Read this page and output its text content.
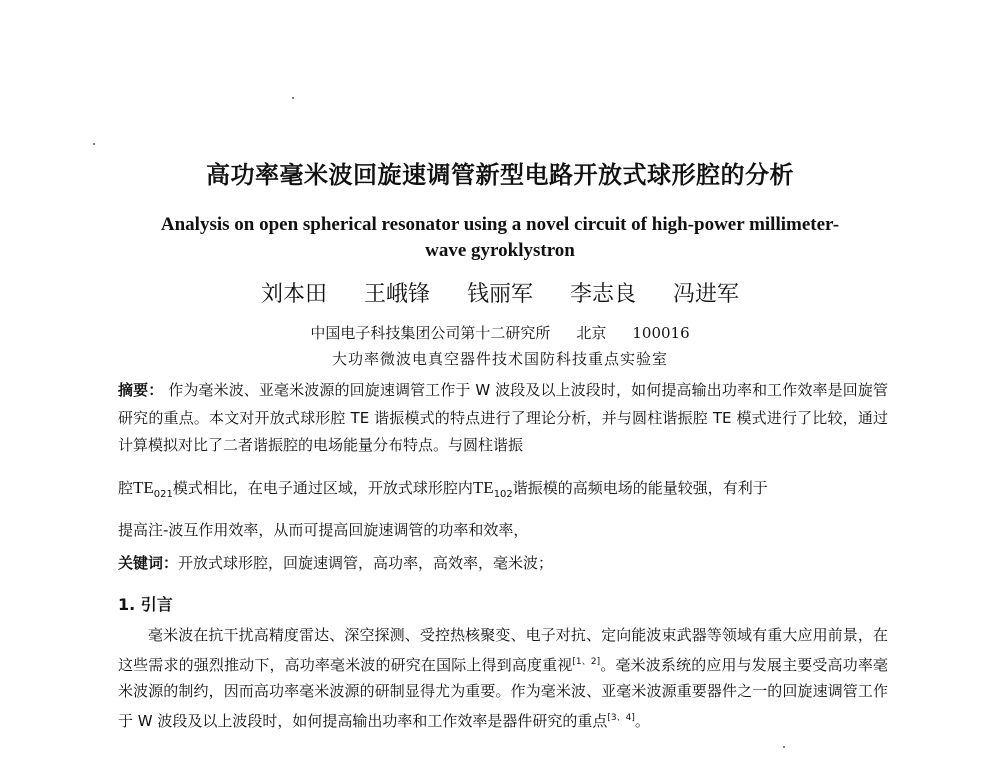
高功率毫米波回旋速调管新型电路开放式球形腔的分析
Analysis on open spherical resonator using a novel circuit of high-power millimeter-wave gyroklystron
刘本田 王峨锋 钱丽军 李志良 冯进军
中国电子科技集团公司第十二研究所 北京 100016
大功率微波电真空器件技术国防科技重点实验室
摘要： 作为毫米波、亚毫米波源的回旋速调管工作于 W 波段及以上波段时，如何提高输出功率和工作效率是回旋管研究的重点。本文对开放式球形腔 TE 谐振模式的特点进行了理论分析，并与圆柱谐振腔 TE 模式进行了比较，通过计算模拟对比了二者谐振腔的电场能量分布特点。与圆柱谐振
腔$TE_{021}$模式相比，在电子通过区域，开放式球形腔内$TE_{102}$谐振模的高频电场的能量较强，有利于
提高注-波互作用效率，从而可提高回旋速调管的功率和效率，
关键词：开放式球形腔，回旋速调管，高功率，高效率，毫米波；
1. 引言
毫米波在抗干扰高精度雷达、深空探测、受控热核聚变、电子对抗、定向能波束武器等领域有重大应用前景，在这些需求的强烈推动下，高功率毫米波的研究在国际上得到高度重视[1、2]。毫米波系统的应用与发展主要受高功率毫米波源的制约，因而高功率毫米波源的研制显得尤为重要。作为毫米波、亚毫米波源重要器件之一的回旋速调管工作于 W 波段及以上波段时，如何提高输出功率和工作效率是器件研究的重点[3、4]。
